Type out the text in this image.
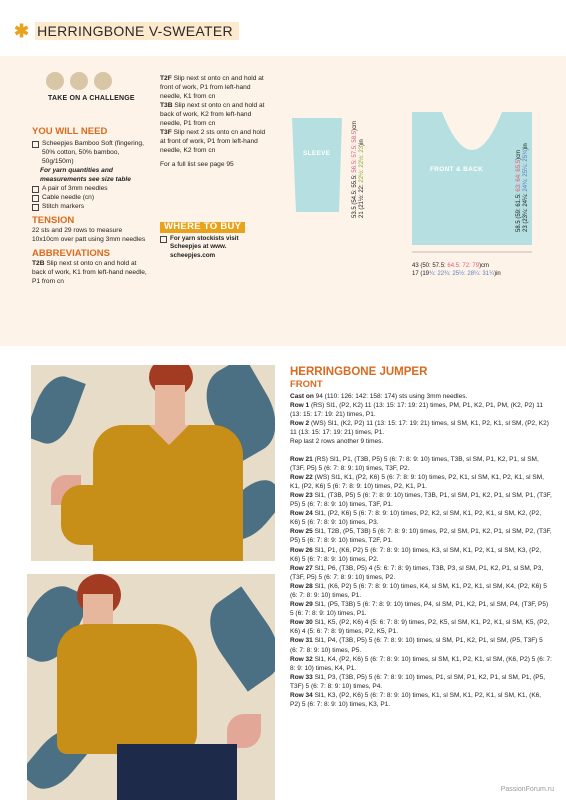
✱ HERRINGBONE V-SWEATER
TAKE ON A CHALLENGE
YOU WILL NEED
Scheepjes Bamboo Soft (fingering, 50% cotton, 50% bamboo, 50g/150m)
For yarn quantities and measurements see size table
A pair of 3mm needles
Cable needle (cn)
Stitch markers
TENSION
22 sts and 29 rows to measure 10x10cm over patt using 3mm needles
ABBREVIATIONS
T2B Slip next st onto cn and hold at back of work, K1 from left-hand needle, P1 from cn
T2F Slip next st onto cn and hold at front of work, P1 from left-hand needle, K1 from cn
T3B Slip next st onto cn and hold at back of work, K2 from left-hand needle, P1 from cn
T3F Slip next 2 sts onto cn and hold at front of work, P1 from left-hand needle, K2 from cn
For a full list see page 95
WHERE TO BUY
For yarn stockists visit Scheepjes at www. scheepjes.com
SLEEVE
FRONT & BACK
53.5 (54.5: 55.5: 56.5: 57.5: 58.5)cm
21 (21½: 22: 22½: 22½: 23)in
58.5 (59: 61.5: 63: 64: 65.5)cm
23 (23¼: 24¼: 24¾: 25¼: 25¾)in
43 (50: 57.5: 64.5: 72: 79)cm
17 (19¾: 22¾: 25½: 28¼: 31¼)in
HERRINGBONE JUMPER
FRONT

Cast on 94 (110: 126: 142: 158: 174) sts using 3mm needles.

Row 1 (RS) Sl1, (P2, K2) 11 (13: 15: 17: 19: 21) times, PM, P1, K2, P1, PM, (K2, P2) 11 (13: 15: 17: 19: 21) times, P1.

Row 2 (WS) Sl1, (K2, P2) 11 (13: 15: 17: 19: 21) times, sl SM, K1, P2, K1, sl SM, (P2, K2) 11 (13: 15: 17: 19: 21) times, P1.

Rep last 2 rows another 9 times.

Row 21 (RS) Sl1, P1, (T3B, P5) 5 (6: 7: 8: 9: 10) times, T3B, sl SM, P1, K2, P1, sl SM, (T3F, P5) 5 (6: 7: 8: 9: 10) times, T3F, P2.

Row 22 (WS) Sl1, K1, (P2, K6) 5 (6: 7: 8: 9: 10) times, P2, K1, sl SM, K1, P2, K1, sl SM, K1, (P2, K6) 5 (6: 7: 8: 9: 10) times, P2, K1, P1.

Row 23 Sl1, (T3B, P5) 5 (6: 7: 8: 9: 10) times, T3B, P1, sl SM, P1, K2, P1, sl SM, P1, (T3F, P5) 5 (6: 7: 8: 9: 10) times, T3F, P1.

Row 24 Sl1, (P2, K6) 5 (6: 7: 8: 9: 10) times, P2, K2, sl SM, K1, P2, K1, sl SM, K2, (P2, K6) 5 (6: 7: 8: 9: 10) times, P3.

Row 25 Sl1, T2B, (P5, T3B) 5 (6: 7: 8: 9: 10) times, P2, sl SM, P1, K2, P1, sl SM, P2, (T3F, P5) 5 (6: 7: 8: 9: 10) times, T2F, P1.

Row 26 Sl1, P1, (K6, P2) 5 (6: 7: 8: 9: 10) times, K3, sl SM, K1, P2, K1, sl SM, K3, (P2, K6) 5 (6: 7: 8: 9: 10) times, P2.

Row 27 Sl1, P6, (T3B, P5) 4 (5: 6: 7: 8: 9) times, T3B, P3, sl SM, P1, K2, P1, sl SM, P3, (T3F, P5) 5 (6: 7: 8: 9: 10) times, P2.

Row 28 Sl1, (K6, P2) 5 (6: 7: 8: 9: 10) times, K4, sl SM, K1, P2, K1, sl SM, K4, (P2, K6) 5 (6: 7: 8: 9: 10) times, P1.

Row 29 Sl1, (P5, T3B) 5 (6: 7: 8: 9: 10) times, P4, sl SM, P1, K2, P1, sl SM, P4, (T3F, P5) 5 (6: 7: 8: 9: 10) times, P1.

Row 30 Sl1, K5, (P2, K6) 4 (5: 6: 7: 8: 9) times, P2, K5, sl SM, K1, P2, K1, sl SM, K5, (P2, K6) 4 (5: 6: 7: 8: 9) times, P2, K5, P1.

Row 31 Sl1, P4, (T3B, P5) 5 (6: 7: 8: 9: 10) times, sl SM, P1, K2, P1, sl SM, (P5, T3F) 5 (6: 7: 8: 9: 10) times, P5.

Row 32 Sl1, K4, (P2, K6) 5 (6: 7: 8: 9: 10) times, sl SM, K1, P2, K1, sl SM, (K6, P2) 5 (6: 7: 8: 9: 10) times, K4, P1.

Row 33 Sl1, P3, (T3B, P5) 5 (6: 7: 8: 9: 10) times, P1, sl SM, P1, K2, P1, sl SM, P1, (P5, T3F) 5 (6: 7: 8: 9: 10) times, P4.

Row 34 Sl1, K3, (P2, K6) 5 (6: 7: 8: 9: 10) times, K1, sl SM, K1, P2, K1, sl SM, K1, (K6, P2) 5 (6: 7: 8: 9: 10) times, K3, P1.

PassionForum.ru
